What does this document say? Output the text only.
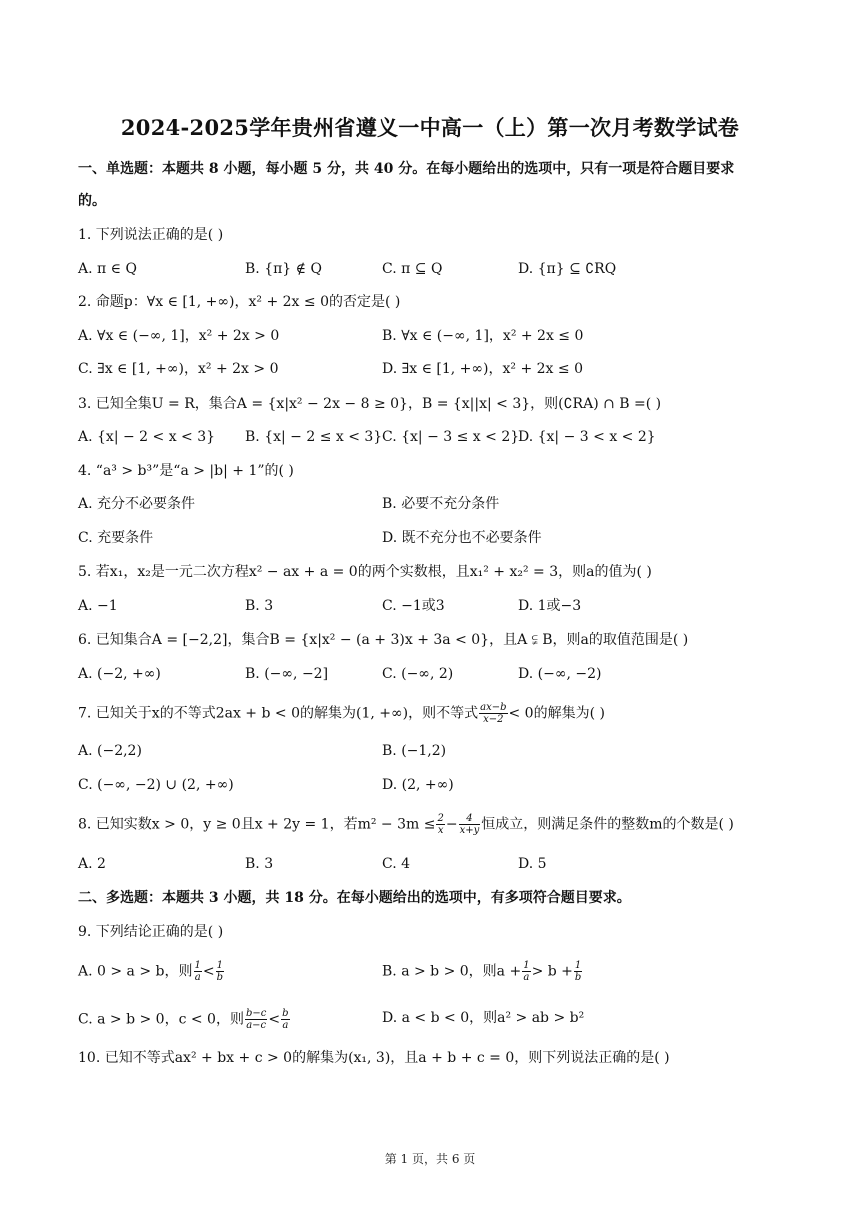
2024-2025学年贵州省遵义一中高一（上）第一次月考数学试卷
一、单选题：本题共 8 小题，每小题 5 分，共 40 分。在每小题给出的选项中，只有一项是符合题目要求
的。
1. 下列说法正确的是( )
A. π ∈ Q	B. {π} ∉ Q	C. π ⊆ Q	D. {π} ⊆ ∁RQ
2. 命题p：∀x ∈ [1, +∞)，x² + 2x ≤ 0的否定是( )
A. ∀x ∈ (−∞, 1]，x² + 2x > 0	B. ∀x ∈ (−∞, 1]，x² + 2x ≤ 0
C. ∃x ∈ [1, +∞)，x² + 2x > 0	D. ∃x ∈ [1, +∞)，x² + 2x ≤ 0
3. 已知全集U = R，集合A = {x|x² − 2x − 8 ≥ 0}，B = {x||x| < 3}，则(∁RA) ∩ B =( )
A. {x| − 2 < x < 3} B. {x| − 2 ≤ x < 3} C. {x| − 3 ≤ x < 2}
D. {x| − 3 < x < 2}
4. “a³ > b³”是“a > |b| + 1”的( )
A. 充分不必要条件	B. 必要不充分条件
C. 充要条件	D. 既不充分也不必要条件
5. 若x₁，x₂是一元二次方程x² − ax + a = 0的两个实数根，且x₁² + x₂² = 3，则a的值为( )
A. −1	B. 3	C. −1或3	D. 1或−3
6. 已知集合A = [−2,2]，集合B = {x|x² − (a + 3)x + 3a < 0}，且A ⫋ B，则a的取值范围是( )
A. (−2, +∞)	B. (−∞, −2]	C. (−∞, 2)	D. (−∞, −2)
7. 已知关于x的不等式2ax + b < 0的解集为(1, +∞)，则不等式 $\frac{ax-b}{x-2} < 0$的解集为( )
A. (−2,2)	B. (−1,2)
C. (−∞, −2) ∪ (2, +∞)	D. (2, +∞)
8. 已知实数x > 0，y ≥ 0且x + 2y = 1，若$m^2 - 3m \le \frac{2}{x} - \frac{4}{x+y}$ 恒成立，则满足条件的整数m的个数是( )
A. 2	B. 3	C. 4	D. 5
二、多选题：本题共 3 小题，共 18 分。在每小题给出的选项中，有多项符合题目要求。
9. 下列结论正确的是( )
A. 0 > a > b，则 $\frac{1}{a} < \frac{1}{b}$	B. a > b > 0，则$a + \frac{1}{a} > b + \frac{1}{b}$
C. a > b > 0，c < 0，则 $\frac{b-c}{a-c} < \frac{b}{a}$	D. a < b < 0，则a² > ab > b²
10. 已知不等式ax² + bx + c > 0的解集为(x₁, 3)，且a + b + c = 0，则下列说法正确的是( )
第 1 页，共 6 页
